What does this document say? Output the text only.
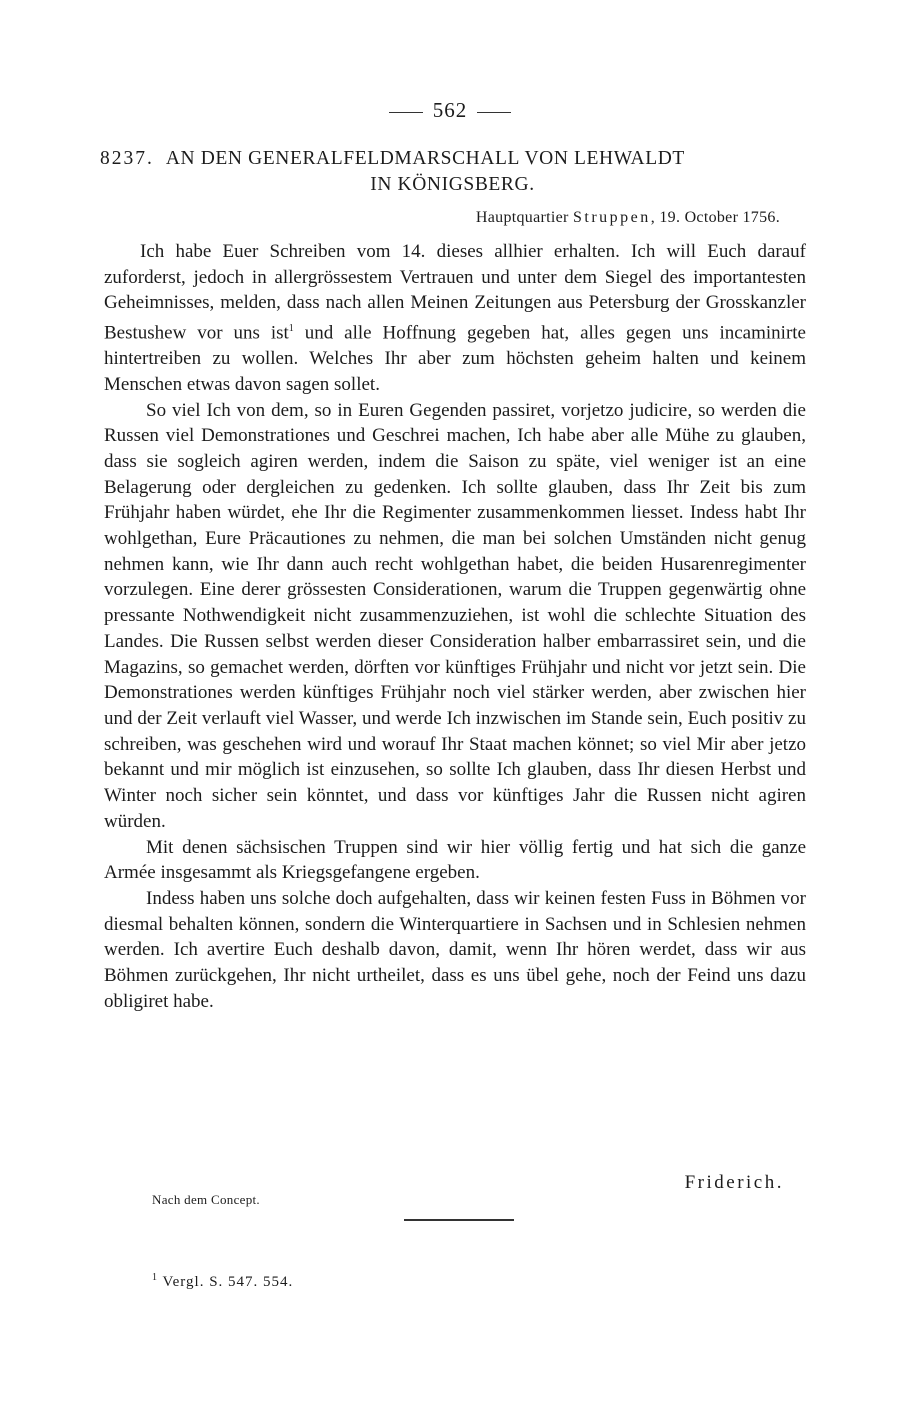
562
8237. AN DEN GENERALFELDMARSCHALL VON LEHWALDT
IN KÖNIGSBERG.
Hauptquartier Struppen, 19. October 1756.

Ich habe Euer Schreiben vom 14. dieses allhier erhalten. Ich will Euch darauf zuforderst, jedoch in allergrössestem Vertrauen und unter dem Siegel des importantesten Geheimnisses, melden, dass nach allen Meinen Zeitungen aus Petersburg der Grosskanzler Bestushew vor uns ist$^1$ und alle Hoffnung gegeben hat, alles gegen uns incaminirte hintertreiben zu wollen. Welches Ihr aber zum höchsten geheim halten und keinem Menschen etwas davon sagen sollet.

So viel Ich von dem, so in Euren Gegenden passiret, vorjetzo judicire, so werden die Russen viel Demonstrationes und Geschrei machen, Ich habe aber alle Mühe zu glauben, dass sie sogleich agiren werden, indem die Saison zu späte, viel weniger ist an eine Belagerung oder dergleichen zu gedenken. Ich sollte glauben, dass Ihr Zeit bis zum Frühjahr haben würdet, ehe Ihr die Regimenter zusammenkommen liesset. Indess habt Ihr wohlgethan, Eure Präcautiones zu nehmen, die man bei solchen Umständen nicht genug nehmen kann, wie Ihr dann auch recht wohlgethan habet, die beiden Husarenregimenter vorzulegen. Eine derer grössesten Considerationen, warum die Truppen gegenwärtig ohne pressante Nothwendigkeit nicht zusammenzuziehen, ist wohl die schlechte Situation des Landes. Die Russen selbst werden dieser Consideration halber embarrassiret sein, und die Magazins, so gemachet werden, dörften vor künftiges Frühjahr und nicht vor jetzt sein. Die Demonstrationes werden künftiges Frühjahr noch viel stärker werden, aber zwischen hier und der Zeit verlauft viel Wasser, und werde Ich inzwischen im Stande sein, Euch positiv zu schreiben, was geschehen wird und worauf Ihr Staat machen könnet; so viel Mir aber jetzo bekannt und mir möglich ist einzusehen, so sollte Ich glauben, dass Ihr diesen Herbst und Winter noch sicher sein könntet, und dass vor künftiges Jahr die Russen nicht agiren würden.

Mit denen sächsischen Truppen sind wir hier völlig fertig und hat sich die ganze Armée insgesammt als Kriegsgefangene ergeben.

Indess haben uns solche doch aufgehalten, dass wir keinen festen Fuss in Böhmen vor diesmal behalten können, sondern die Winterquartiere in Sachsen und in Schlesien nehmen werden. Ich avertire Euch deshalb davon, damit, wenn Ihr hören werdet, dass wir aus Böhmen zurückgehen, Ihr nicht urtheilet, dass es uns übel gehe, noch der Feind uns dazu obligiret habe.

Friderich.
Nach dem Concept.
$^1$ Vergl. S. 547. 554.
